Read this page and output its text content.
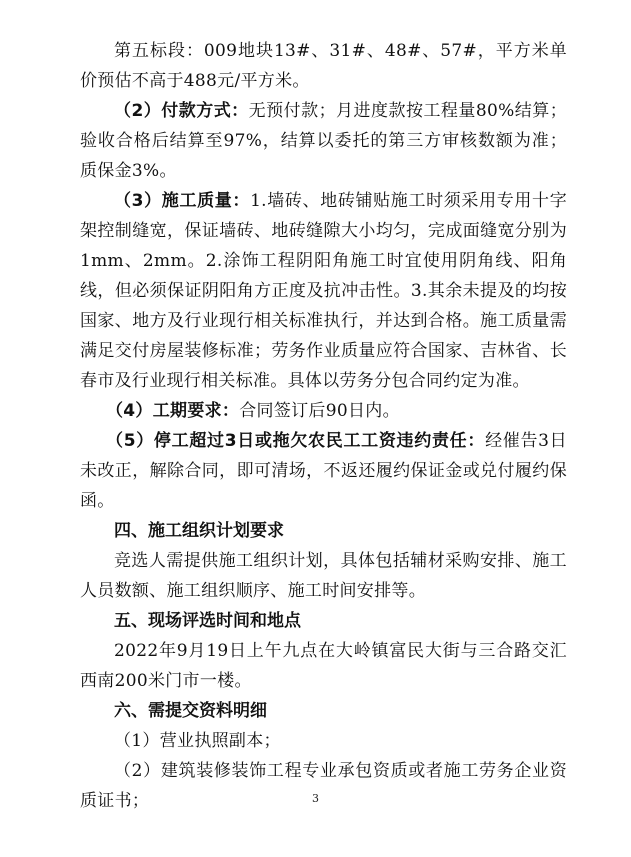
第五标段：009地块13#、31#、48#、57#，平方米单价预估不高于488元/平方米。

（2）付款方式：无预付款；月进度款按工程量80%结算；验收合格后结算至97%，结算以委托的第三方审核数额为准；质保金3%。

（3）施工质量：1.墙砖、地砖铺贴施工时须采用专用十字架控制缝宽，保证墙砖、地砖缝隙大小均匀，完成面缝宽分别为1mm、2mm。2.涂饰工程阴阳角施工时宜使用阴角线、阳角线，但必须保证阴阳角方正度及抗冲击性。3.其余未提及的均按国家、地方及行业现行相关标准执行，并达到合格。施工质量需满足交付房屋装修标准；劳务作业质量应符合国家、吉林省、长春市及行业现行相关标准。具体以劳务分包合同约定为准。

（4）工期要求：合同签订后90日内。

（5）停工超过3日或拖欠农民工工资违约责任：经催告3日未改正，解除合同，即可清场，不返还履约保证金或兑付履约保函。

四、施工组织计划要求

竞选人需提供施工组织计划，具体包括辅材采购安排、施工人员数额、施工组织顺序、施工时间安排等。

五、现场评选时间和地点

2022年9月19日上午九点在大岭镇富民大街与三合路交汇西南200米门市一楼。

六、需提交资料明细

（1）营业执照副本；

（2）建筑装修装饰工程专业承包资质或者施工劳务企业资质证书；	3
